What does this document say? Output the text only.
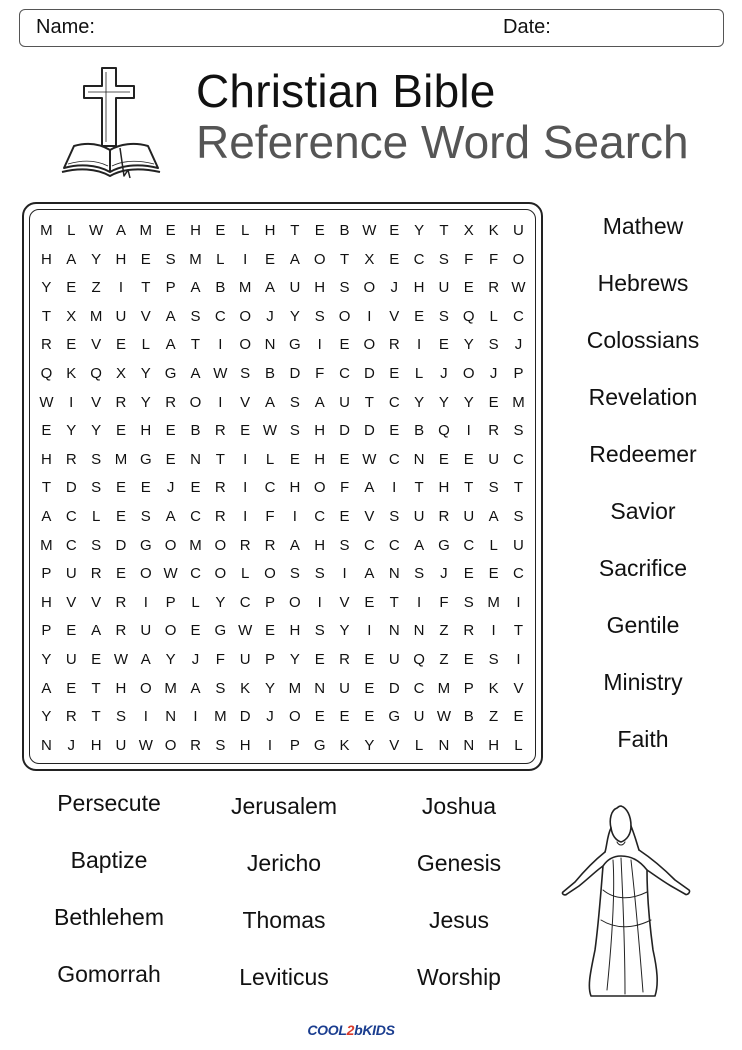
Name:	Date:
Christian Bible
Reference Word Search
M L W A M E H E	L	H T	E B W E Y	T	X K U
H A Y H E S M L	I	E A O T	X E C S	F	F O
Y E	Z	I	T	P A B M A U H S O	J	H U E R W
T	X M U V A S C O	J	Y S O	I	V E S Q L	C
R E V E	L	A	T	I	O N G	I	E O R	I	E Y S	J
Q K Q X Y G A W S B D F C D E	L	J	O	J	P
W	I	V R Y R O	I	V A S A U T C Y Y Y E M
E Y Y E H E B R E W S H D D E B Q	I	R S
H R S M G E N T	I	L	E H E W C N E E U C
T D S E E	J	E R	I	C H O F	A	I	T H T	S	T
A C	L	E S A C R	I	F	I	C E V S U R U A S
M C S D G O M O R R A H S C C A G C	L	U
P U R E O W C O L O S S	I	A N S	J	E E C
H V V R	I	P	L	Y C P O	I	V E	T	I	F	S M	I
P E A R U O E G W E H S Y	I	N N Z R	I	T
Y U E W A Y	J	F U P Y E R E U Q Z	E S	I
A E	T H O M A S K Y M N U E D C M P K V
Y R T	S	I	N	I	M D	J	O E E E G U W B	Z	E
N	J	H U W O R S H	I	P G K Y V	L	N N H	L
Mathew
Hebrews
Colossians
Revelation
Redeemer
Savior
Sacrifice
Gentile
Ministry
Faith
Persecute	Jerusalem	Joshua
Baptize	Jericho	Genesis
Bethlehem	Thomas	Jesus
Gomorrah	Leviticus	Worship
COOL2bKIDS
